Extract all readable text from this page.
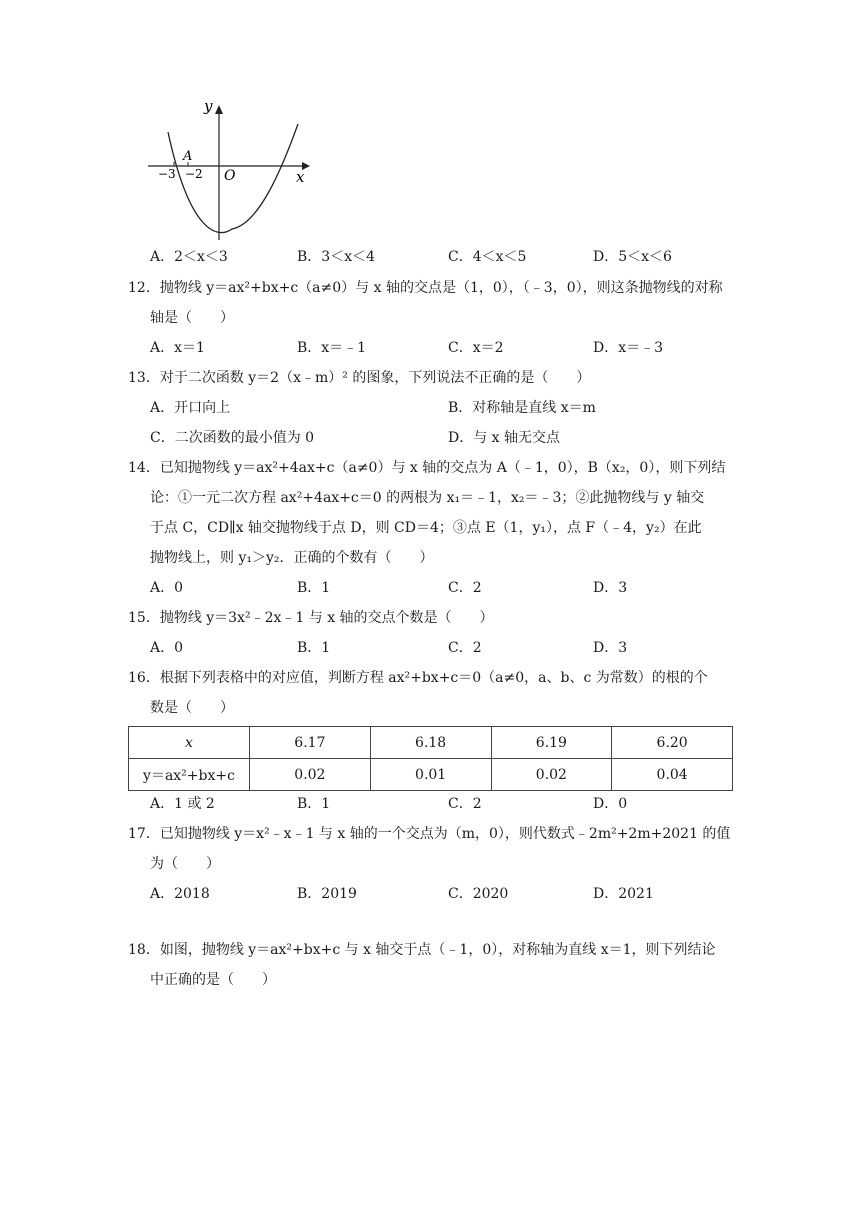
y
x
A
O
−3 −2
A．2＜x＜3	B．3＜x＜4	C．4＜x＜5	D．5＜x＜6
12．抛物线 y＝ax²+bx+c（a≠0）与 x 轴的交点是（1，0），（﹣3，0），则这条抛物线的对称
轴是（　　）
A．x＝1	B．x＝﹣1	C．x＝2	D．x＝﹣3
13．对于二次函数 y＝2（x﹣m）² 的图象，下列说法不正确的是（　　）
A．开口向上	B．对称轴是直线 x＝m
C．二次函数的最小值为 0	D．与 x 轴无交点
14．已知抛物线 y＝ax²+4ax+c（a≠0）与 x 轴的交点为 A（﹣1，0），B（x₂，0），则下列结
论：①一元二次方程 ax²+4ax+c＝0 的两根为 x₁＝﹣1，x₂＝﹣3；②此抛物线与 y 轴交
于点 C，CD∥x 轴交抛物线于点 D，则 CD＝4；③点 E（1，y₁），点 F（﹣4，y₂）在此
抛物线上，则 y₁＞y₂．正确的个数有（　　）
A．0	B．1	C．2	D．3
15．抛物线 y＝3x²﹣2x﹣1 与 x 轴的交点个数是（　　）
A．0	B．1	C．2	D．3
16．根据下列表格中的对应值，判断方程 ax²+bx+c＝0（a≠0，a、b、c 为常数）的根的个
数是（　　）
x	6.17	6.18	6.19	6.20
y＝ax²+bx+c	0.02	0.01	0.02	0.04
A．1 或 2	B．1	C．2	D．0
17．已知抛物线 y＝x²﹣x﹣1 与 x 轴的一个交点为（m，0），则代数式﹣2m²+2m+2021 的值
为（　　）
A．2018	B．2019	C．2020	D．2021
18．如图，抛物线 y＝ax²+bx+c 与 x 轴交于点（﹣1，0），对称轴为直线 x＝1，则下列结论
中正确的是（　　）
